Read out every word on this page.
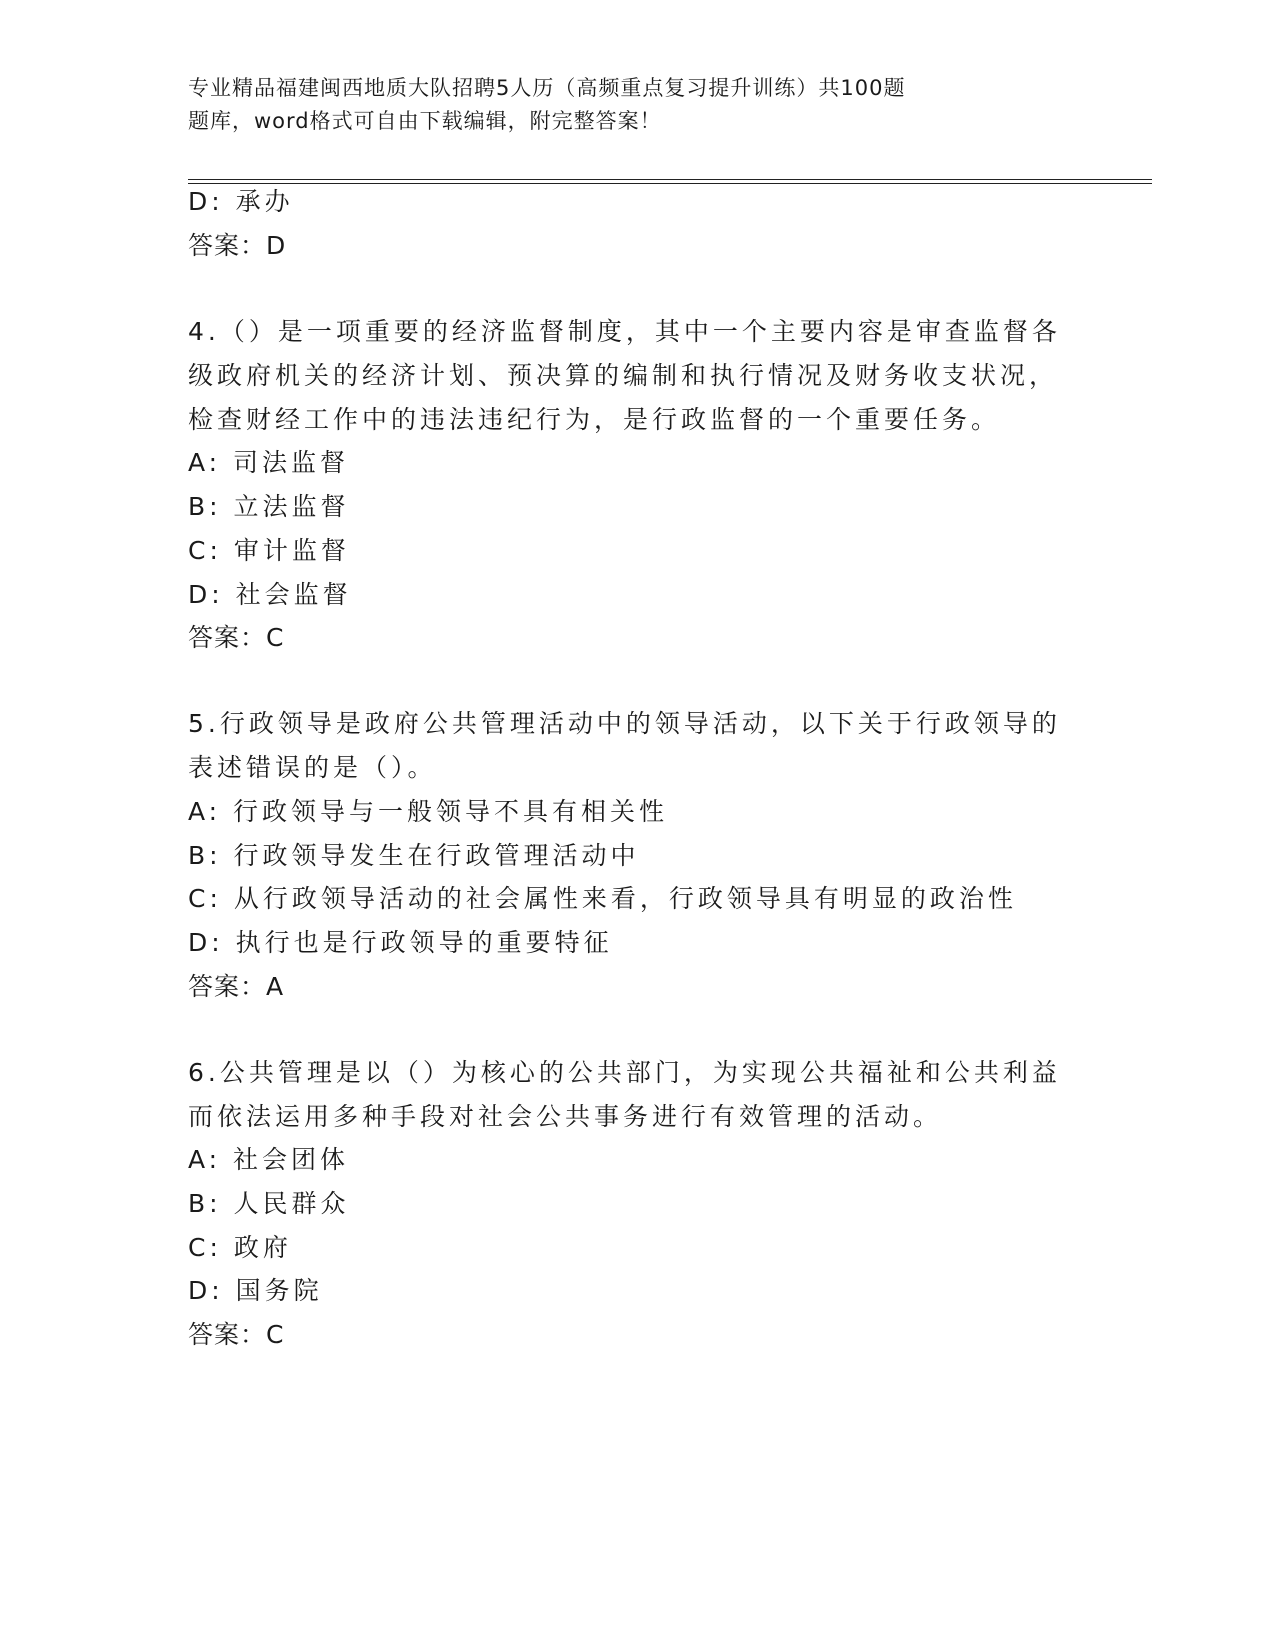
专业精品福建闽西地质大队招聘5人历（高频重点复习提升训练）共100题
题库，word格式可自由下载编辑，附完整答案！
D: 承办
答案：D
4.（）是一项重要的经济监督制度，其中一个主要内容是审查监督各
级政府机关的经济计划、预决算的编制和执行情况及财务收支状况，
检查财经工作中的违法违纪行为，是行政监督的一个重要任务。
A: 司法监督
B: 立法监督
C: 审计监督
D: 社会监督
答案：C
5.行政领导是政府公共管理活动中的领导活动，以下关于行政领导的
表述错误的是（）。
A: 行政领导与一般领导不具有相关性
B: 行政领导发生在行政管理活动中
C: 从行政领导活动的社会属性来看，行政领导具有明显的政治性
D: 执行也是行政领导的重要特征
答案：A
6.公共管理是以（）为核心的公共部门，为实现公共福祉和公共利益
而依法运用多种手段对社会公共事务进行有效管理的活动。
A: 社会团体
B: 人民群众
C: 政府
D: 国务院
答案：C
